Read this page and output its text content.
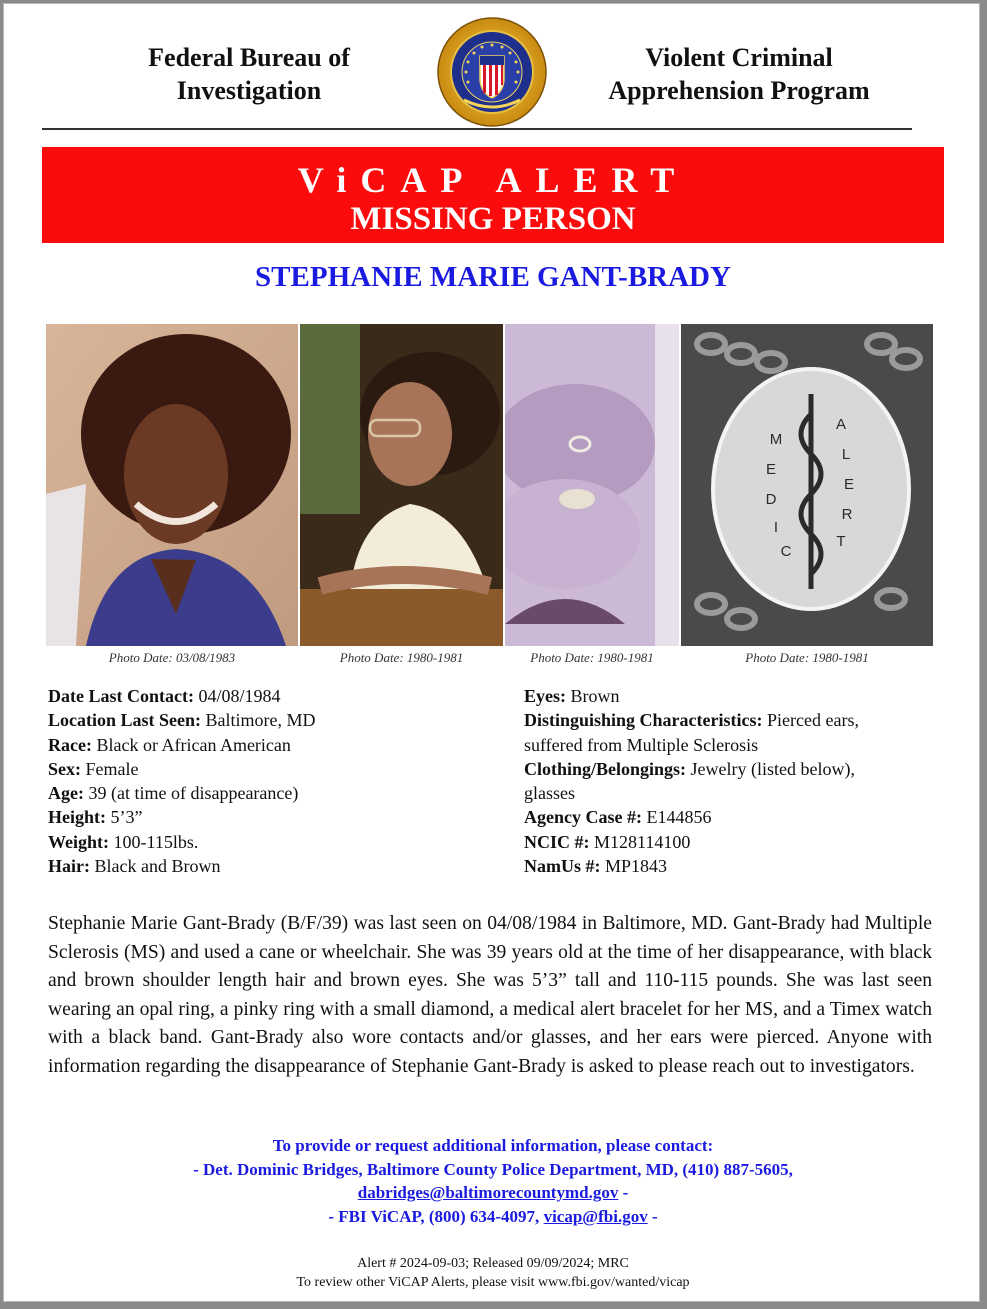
Federal Bureau of
Investigation
Violent Criminal
Apprehension Program
ViCAP ALERT
MISSING PERSON
STEPHANIE MARIE GANT-BRADY
Photo Date: 03/08/1983	Photo Date: 1980-1981	Photo Date: 1980-1981
M
E
D
I
C
A
L
E
R
T
Photo Date: 1980-1981
Date Last Contact: 04/08/1984
Location Last Seen: Baltimore, MD
Race: Black or African American
Sex: Female
Age: 39 (at time of disappearance)
Height: 5’3”
Weight: 100-115lbs.
Hair: Black and Brown
Eyes: Brown
Distinguishing Characteristics: Pierced ears,
suffered from Multiple Sclerosis
Clothing/Belongings: Jewelry (listed below),
glasses
Agency Case #: E144856
NCIC #: M128114100
NamUs #: MP1843
Stephanie Marie Gant-Brady (B/F/39) was last seen on 04/08/1984 in Baltimore, MD. Gant-Brady had Multiple Sclerosis (MS) and used a cane or wheelchair. She was 39 years old at the time of her disappearance, with black and brown shoulder length hair and brown eyes. She was 5’3” tall and 110-115 pounds. She was last seen wearing an opal ring, a pinky ring with a small diamond, a medical alert bracelet for her MS, and a Timex watch with a black band. Gant-Brady also wore contacts and/or glasses, and her ears were pierced. Anyone with information regarding the disappearance of Stephanie Gant-Brady is asked to please reach out to investigators.
To provide or request additional information, please contact:
- Det. Dominic Bridges, Baltimore County Police Department, MD, (410) 887-5605,
dabridges@baltimorecountymd.gov -
- FBI ViCAP, (800) 634-4097, vicap@fbi.gov -
Alert # 2024-09-03; Released 09/09/2024; MRC
To review other ViCAP Alerts, please visit www.fbi.gov/wanted/vicap
